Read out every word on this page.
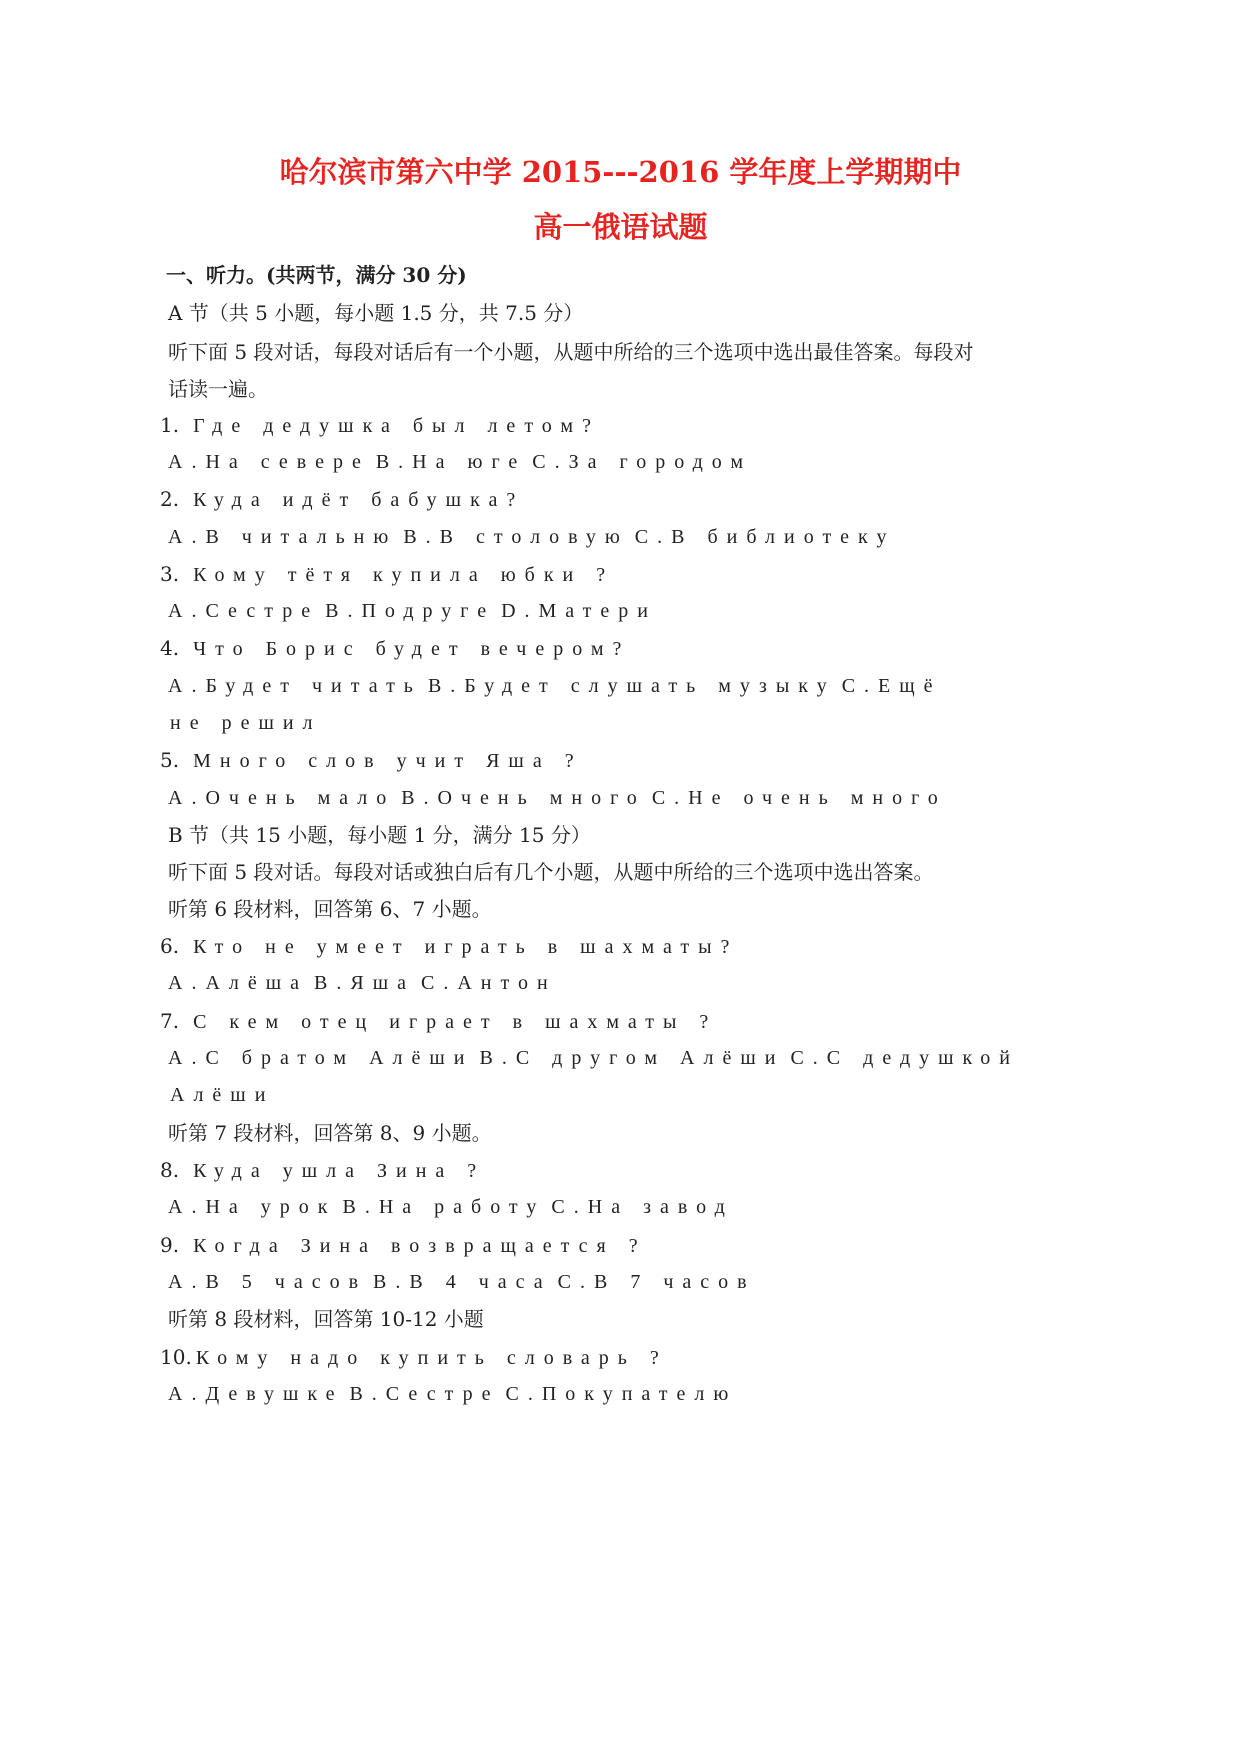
哈尔滨市第六中学 2015---2016 学年度上学期期中
高一俄语试题
一、听力。(共两节，满分 30 分)
A 节（共 5 小题，每小题 1.5 分，共 7.5 分）
听下面 5 段对话，每段对话后有一个小题，从题中所给的三个选项中选出最佳答案。每段对
话读一遍。
1. Где дедушка был летом?
A.На севере B.На юге C.За городом
2. Куда идёт бабушка?
A.В читальню B.В столовую C.В библиотеку
3. Кому тётя купила юбки ?
A.Сестре B.Подруге D.Матери
4. Что Борис будет вечером?
A.Будет читать B.Будет слушать музыку C.Ещё
не решил
5. Много слов учит Яша ?
A.Очень мало B.Очень много C.Не очень много
B 节（共 15 小题，每小题 1 分，满分 15 分）
听下面 5 段对话。每段对话或独白后有几个小题，从题中所给的三个选项中选出答案。
听第 6 段材料，回答第 6、7 小题。
6. Кто не умеет играть в шахматы?
A.Алёша B.Яша C.Антон
7. С кем отец играет в шахматы ?
A.С братом Алёши B.С другом Алёши C.С дедушкой
Алёши
听第 7 段材料，回答第 8、9 小题。
8. Куда ушла Зина ?
A.На урок B.На работу C.На завод
9. Когда Зина возвращается ?
A.В 5 часов B.В 4 часа C.В 7 часов
听第 8 段材料，回答第 10-12 小题
10. Кому надо купить словарь ?
A.Девушке B.Сестре C.Покупателю
